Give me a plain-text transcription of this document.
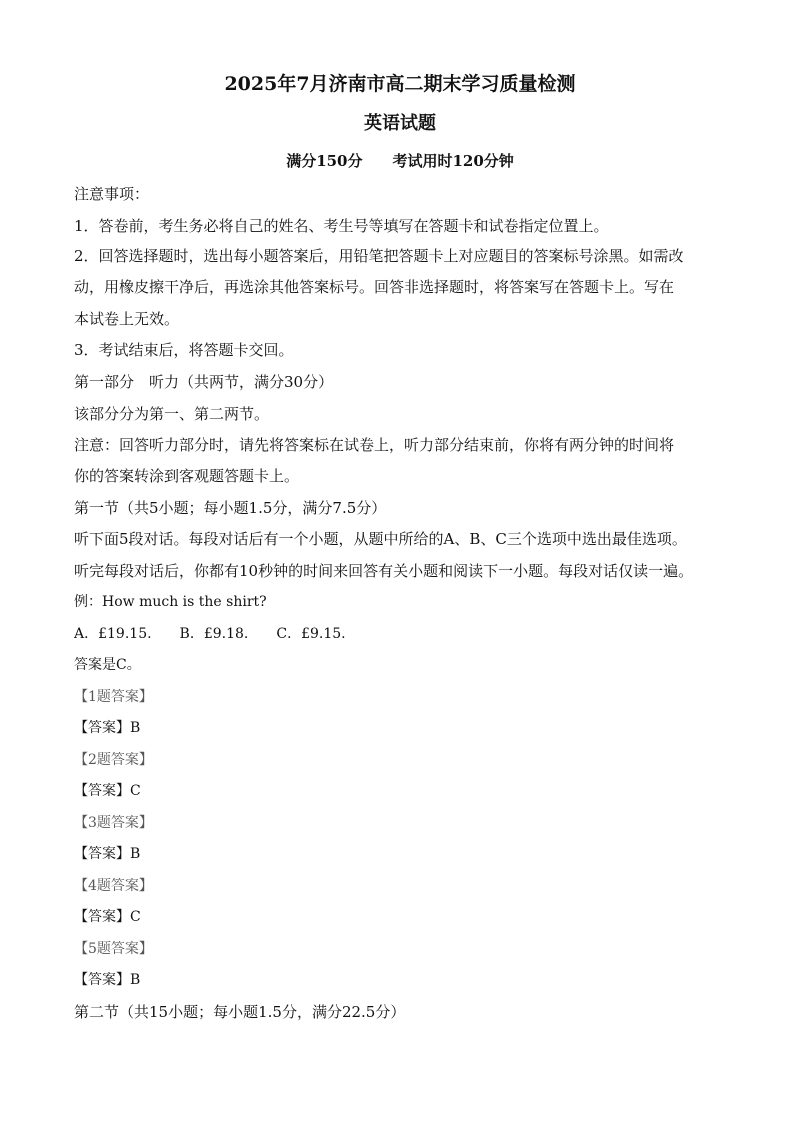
2025年7月济南市高二期末学习质量检测
英语试题
满分150分　　考试用时120分钟
注意事项：
1．答卷前，考生务必将自己的姓名、考生号等填写在答题卡和试卷指定位置上。
2．回答选择题时，选出每小题答案后，用铅笔把答题卡上对应题目的答案标号涂黑。如需改
动，用橡皮擦干净后，再选涂其他答案标号。回答非选择题时，将答案写在答题卡上。写在
本试卷上无效。
3．考试结束后，将答题卡交回。
第一部分　听力（共两节，满分30分）
该部分分为第一、第二两节。
注意：回答听力部分时，请先将答案标在试卷上，听力部分结束前，你将有两分钟的时间将
你的答案转涂到客观题答题卡上。
第一节（共5小题；每小题1.5分，满分7.5分）
听下面5段对话。每段对话后有一个小题，从题中所给的A、B、C三个选项中选出最佳选项。
听完每段对话后，你都有10秒钟的时间来回答有关小题和阅读下一小题。每段对话仅读一遍。
例：How much is the shirt?
A．£19.15.　　B．£9.18.　　C．£9.15.
答案是C。
【1题答案】
【答案】B
【2题答案】
【答案】C
【3题答案】
【答案】B
【4题答案】
【答案】C
【5题答案】
【答案】B
第二节（共15小题；每小题1.5分，满分22.5分）
